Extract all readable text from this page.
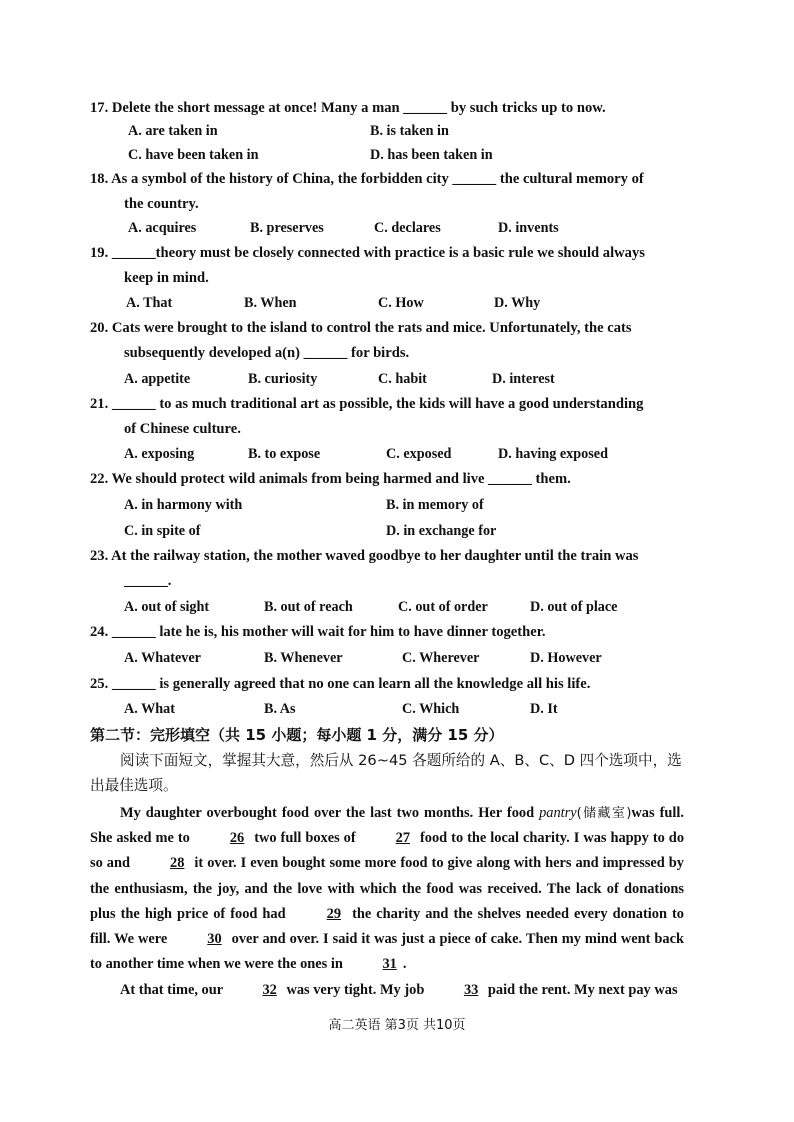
17. Delete the short message at once! Many a man ______ by such tricks up to now.
A. are taken in	B. is taken in
C. have been taken in	D. has been taken in
18. As a symbol of the history of China, the forbidden city ______ the cultural memory of
the country.
A. acquires	B. preserves	C. declares	D. invents
19. ______theory must be closely connected with practice is a basic rule we should always
keep in mind.
A. That	B. When	C. How	D. Why
20. Cats were brought to the island to control the rats and mice. Unfortunately, the cats
subsequently developed a(n) ______ for birds.
A. appetite	B. curiosity	C. habit	D. interest
21. ______ to as much traditional art as possible, the kids will have a good understanding
of Chinese culture.
A. exposing	B. to expose	C. exposed	D. having exposed
22. We should protect wild animals from being harmed and live ______ them.
A. in harmony with	B. in memory of
C. in spite of	D. in exchange for
23. At the railway station, the mother waved goodbye to her daughter until the train was
______.
A. out of sight	B. out of reach	C. out of order	D. out of place
24. ______ late he is, his mother will wait for him to have dinner together.
A. Whatever	B. Whenever	C. Wherever	D. However
25. ______ is generally agreed that no one can learn all the knowledge all his life.
A. What	B. As	C. Which	D. It
第二节：完形填空（共 15 小题；每小题 1 分，满分 15 分）
阅读下面短文，掌握其大意，然后从 26~45 各题所给的 A、B、C、D 四个选项中，选出最佳选项。
My daughter overbought food over the last two months. Her food pantry(储藏室)was full. She asked me to	26 two full boxes of	27 food to the local charity. I was happy to do so and	28 it over. I even bought some more food to give along with hers and impressed by the enthusiasm, the joy, and the love with which the food was received. The lack of donations plus the high price of food had	29 the charity and the shelves needed every donation to fill. We were	30 over and over. I said it was just a piece of cake. Then my mind went back to another time when we were the ones in	31 .
At that time, our	32 was very tight. My job	33 paid the rent. My next pay was
高二英语 第3页 共10页
